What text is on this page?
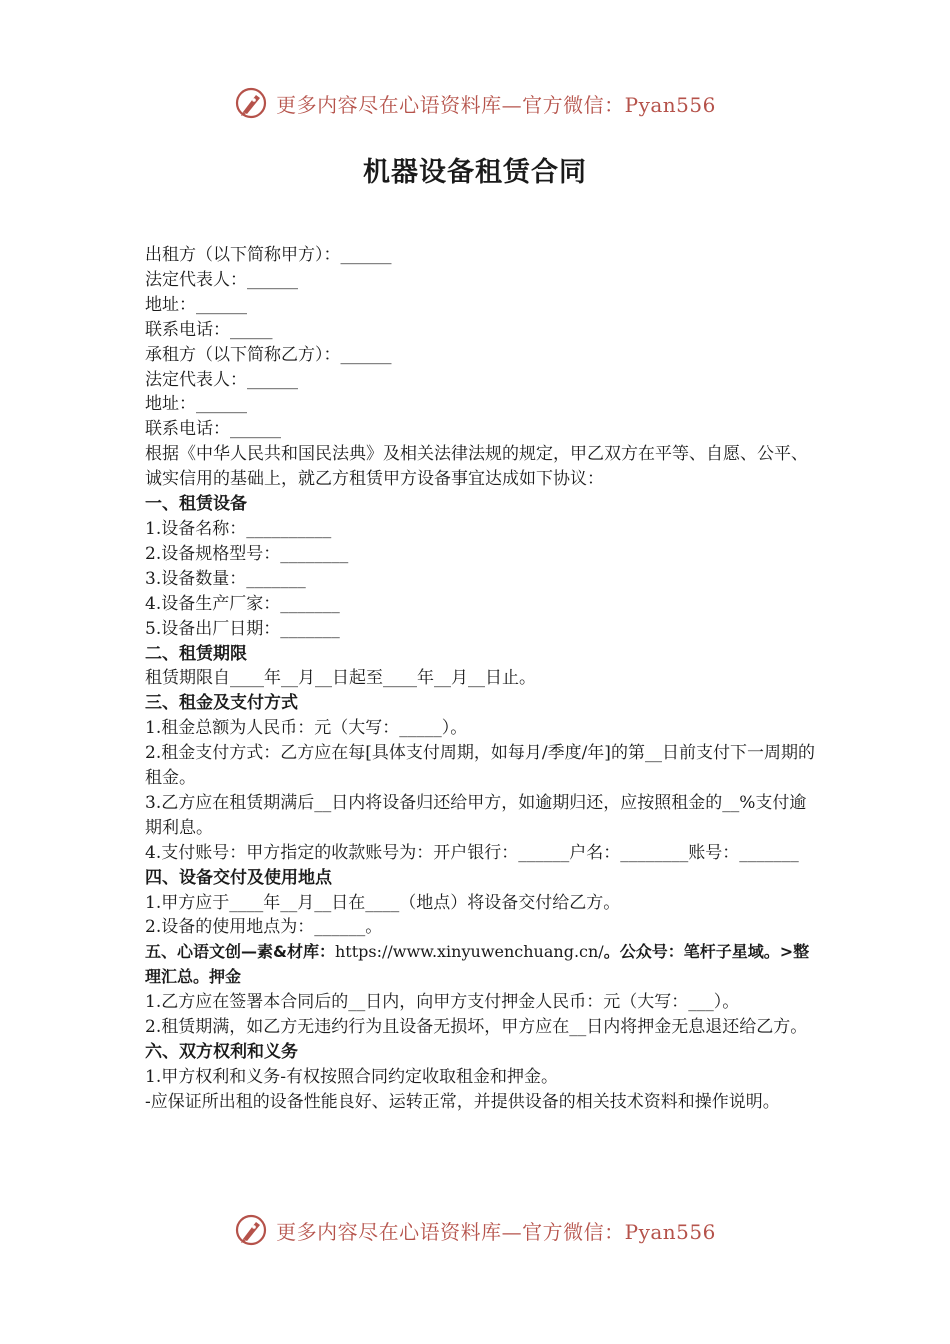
更多内容尽在心语资料库—官方微信：Pyan556
机器设备租赁合同

出租方（以下简称甲方）：______

法定代表人：______

地址：______

联系电话：_____

承租方（以下简称乙方）：______

法定代表人：______

地址：______

联系电话：______

根据《中华人民共和国民法典》及相关法律法规的规定，甲乙双方在平等、自愿、公平、诚实信用的基础上，就乙方租赁甲方设备事宜达成如下协议：

一、租赁设备

1.设备名称：__________

2.设备规格型号：________

3.设备数量：_______

4.设备生产厂家：_______

5.设备出厂日期：_______

二、租赁期限

租赁期限自____年__月__日起至____年__月__日止。

三、租金及支付方式

1.租金总额为人民币：元（大写：_____）。

2.租金支付方式：乙方应在每[具体支付周期，如每月/季度/年]的第__日前支付下一周期的租金。

3.乙方应在租赁期满后__日内将设备归还给甲方，如逾期归还，应按照租金的__%支付逾期利息。

4.支付账号：甲方指定的收款账号为：开户银行：______户名：________账号：_______

四、设备交付及使用地点

1.甲方应于____年__月__日在____（地点）将设备交付给乙方。

2.设备的使用地点为：______。

五、心语文创—素&材库：https://www.xinyuwenchuang.cn/。公众号：笔杆子星域。>整理汇总。押金

1.乙方应在签署本合同后的__日内，向甲方支付押金人民币：元（大写：___）。

2.租赁期满，如乙方无违约行为且设备无损坏，甲方应在__日内将押金无息退还给乙方。

六、双方权利和义务

1.甲方权利和义务-有权按照合同约定收取租金和押金。

-应保证所出租的设备性能良好、运转正常，并提供设备的相关技术资料和操作说明。

更多内容尽在心语资料库—官方微信：Pyan556
